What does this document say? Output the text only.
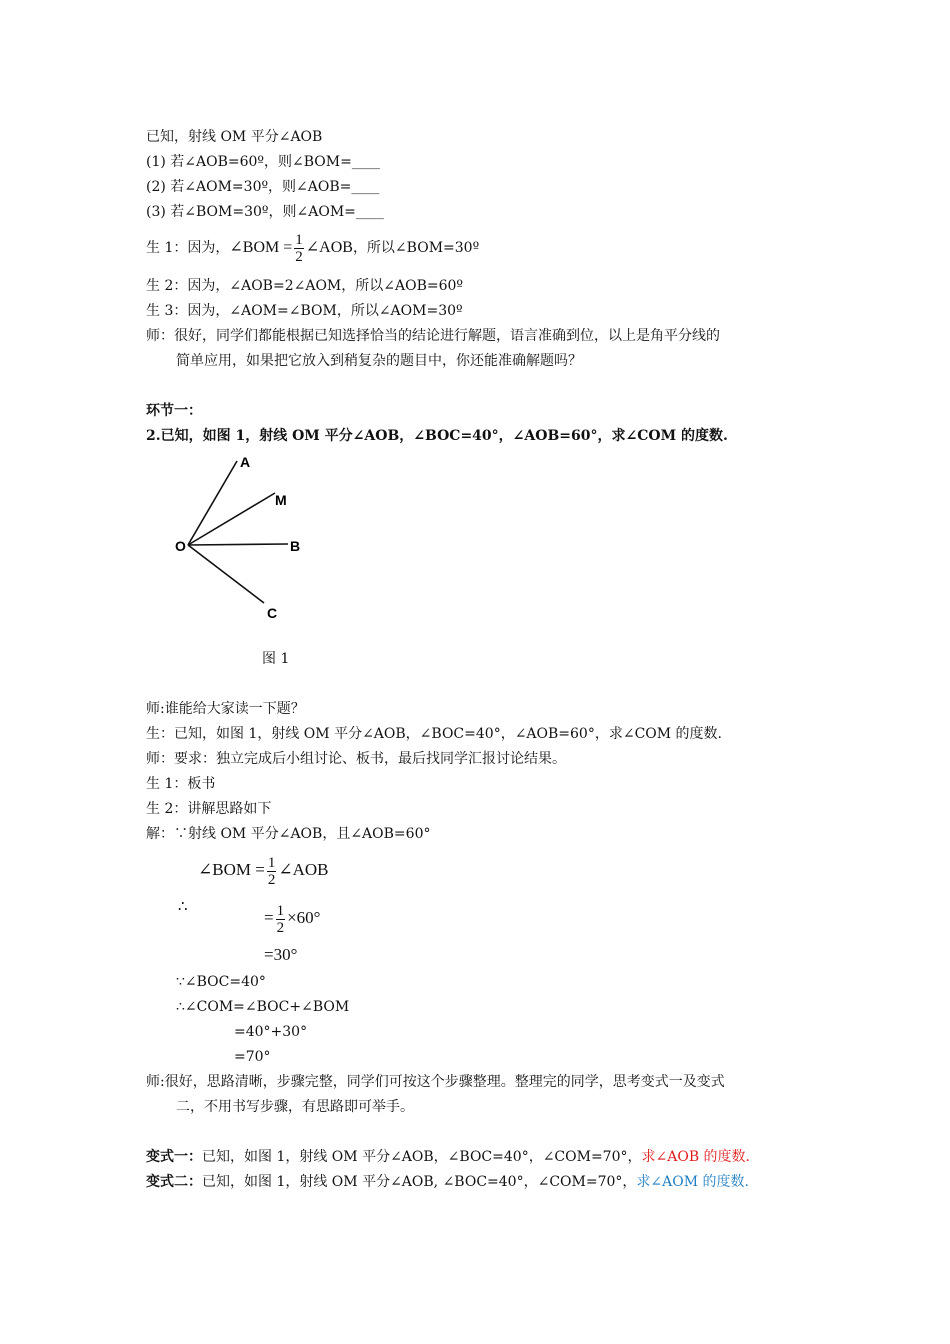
已知，射线 OM 平分∠AOB
(1) 若∠AOB=60º，则∠BOM=____
(2) 若∠AOM=30º，则∠AOB=____
(3) 若∠BOM=30º，则∠AOM=____
生 1：因为，∠BOM = $\frac{1}{2}$ ∠AOB，所以∠BOM=30º
生 2：因为，∠AOB=2∠AOM，所以∠AOB=60º
生 3：因为，∠AOM=∠BOM，所以∠AOM=30º
师：很好，同学们都能根据已知选择恰当的结论进行解题，语言准确到位，以上是角平分线的
简单应用，如果把它放入到稍复杂的题目中，你还能准确解题吗？
环节一：
2.已知，如图 1，射线 OM 平分∠AOB，∠BOC=40°，∠AOB=60°，求∠COM 的度数.
A
M
O	B
C
图 1
师:谁能给大家读一下题？
生：已知，如图 1，射线 OM 平分∠AOB，∠BOC=40°，∠AOB=60°，求∠COM 的度数.
师：要求：独立完成后小组讨论、板书，最后找同学汇报讨论结果。
生 1：板书
生 2：讲解思路如下
解：∵射线 OM 平分∠AOB，且∠AOB=60°
∠BOM = $\frac{1}{2}$ ∠AOB
∴
= $\frac{1}{2} \times 60^\circ$
=30°
∵∠BOC=40°
∴∠COM=∠BOC+∠BOM
=40°+30°
=70°
师:很好，思路清晰，步骤完整，同学们可按这个步骤整理。整理完的同学，思考变式一及变式
二，不用书写步骤，有思路即可举手。
变式一：已知，如图 1，射线 OM 平分∠AOB，∠BOC=40°，∠COM=70°，求∠AOB 的度数.
变式二：已知，如图 1，射线 OM 平分∠AOB, ∠BOC=40°，∠COM=70°，求∠AOM 的度数.
